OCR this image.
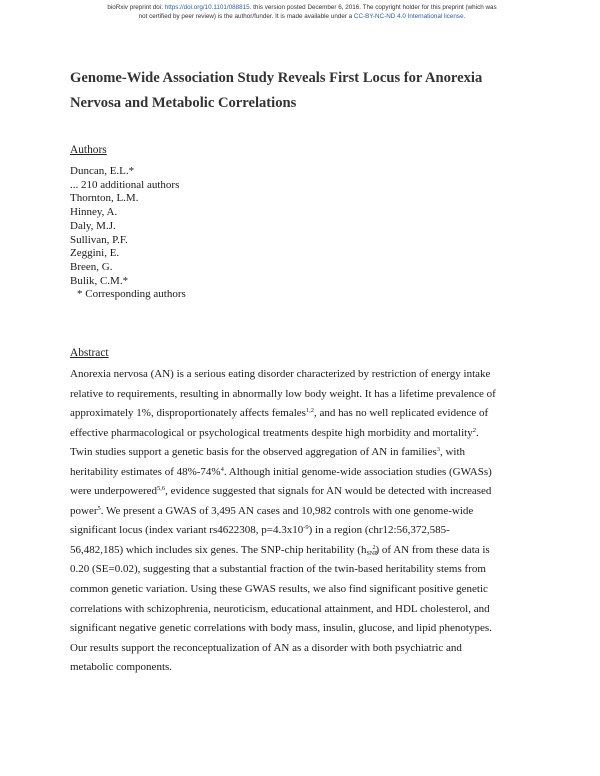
bioRxiv preprint doi: https://doi.org/10.1101/088815. this version posted December 6, 2016. The copyright holder for this preprint (which was
not certified by peer review) is the author/funder. It is made available under a CC-BY-NC-ND 4.0 International license.
Genome-Wide Association Study Reveals First Locus for Anorexia
Nervosa and Metabolic Correlations
Authors
Duncan, E.L.*
... 210 additional authors
Thornton, L.M.
Hinney, A.
Daly, M.J.
Sullivan, P.F.
Zeggini, E.
Breen, G.
Bulik, C.M.*
* Corresponding authors
Abstract
Anorexia nervosa (AN) is a serious eating disorder characterized by restriction of energy intake
relative to requirements, resulting in abnormally low body weight. It has a lifetime prevalence of
approximately 1%, disproportionately affects females$^{1,2}$, and has no well replicated evidence of
effective pharmacological or psychological treatments despite high morbidity and mortality$^2$.
Twin studies support a genetic basis for the observed aggregation of AN in families$^3$, with
heritability estimates of 48%-74%$^4$. Although initial genome-wide association studies (GWASs)
were underpowered$^{5,6}$, evidence suggested that signals for AN would be detected with increased
power$^5$. We present a GWAS of 3,495 AN cases and 10,982 controls with one genome-wide
significant locus (index variant rs4622308, $p=4.3x10^{-9}$) in a region (chr12:56,372,585-
56,482,185) which includes six genes. The SNP-chip heritability $(h_{SNP}^2)$ of AN from these data is
0.20 (SE=0.02), suggesting that a substantial fraction of the twin-based heritability stems from
common genetic variation. Using these GWAS results, we also find significant positive genetic
correlations with schizophrenia, neuroticism, educational attainment, and HDL cholesterol, and
significant negative genetic correlations with body mass, insulin, glucose, and lipid phenotypes.
Our results support the reconceptualization of AN as a disorder with both psychiatric and
metabolic components.
